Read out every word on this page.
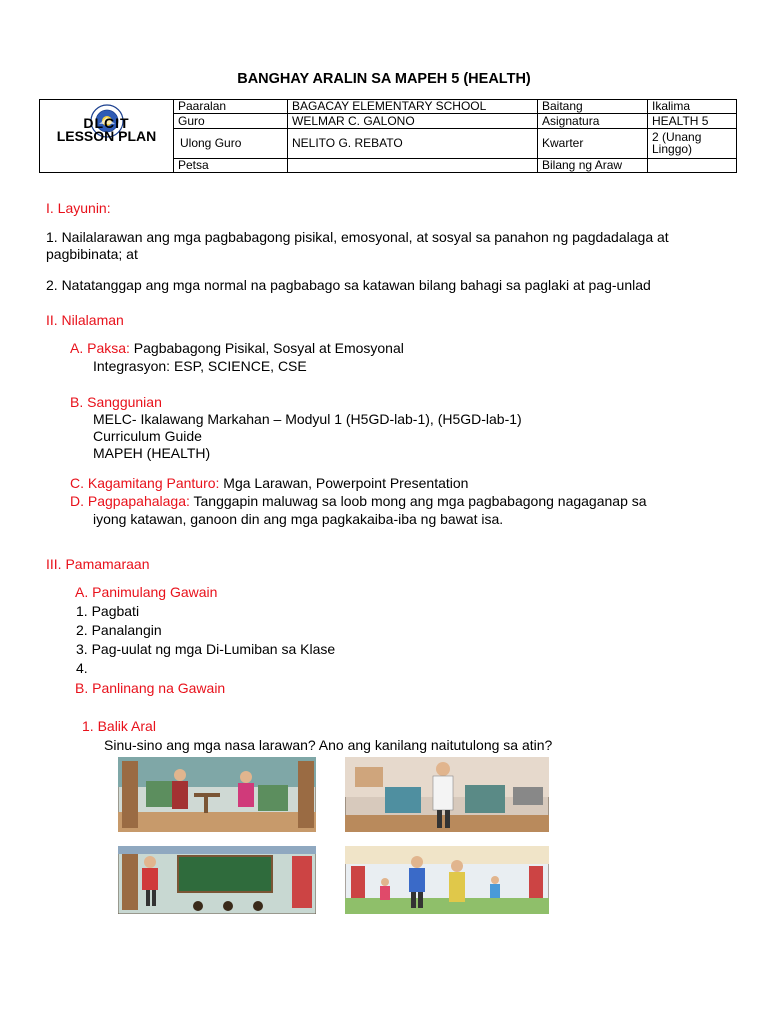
BANGHAY ARALIN SA MAPEH 5 (HEALTH)
DLCIT
LESSON PLAN	Paaralan	BAGACAY ELEMENTARY SCHOOL	Baitang	Ikalima
	Guro	WELMAR C. GALONO	Asignatura	HEALTH 5
	Ulong Guro	NELITO G. REBATO	Kwarter	2 (Unang Linggo)
	Petsa		Bilang ng Araw	
I. Layunin:
1. Nailalarawan ang mga pagbabagong pisikal, emosyonal, at sosyal sa panahon ng pagdadalaga at pagbibinata; at
2. Natatanggap ang mga normal na pagbabago sa katawan bilang bahagi sa paglaki at pag-unlad
II. Nilalaman
A. Paksa: Pagbabagong Pisikal, Sosyal at Emosyonal
Integrasyon: ESP, SCIENCE, CSE
B. Sanggunian
MELC- Ikalawang Markahan – Modyul 1 (H5GD-lab-1), (H5GD-lab-1)
Curriculum Guide
MAPEH (HEALTH)
C. Kagamitang Panturo: Mga Larawan, Powerpoint Presentation
D. Pagpapahalaga: Tanggapin maluwag sa loob mong ang mga pagbabagong nagaganap sa
iyong katawan, ganoon din ang mga pagkakaiba-iba ng bawat isa.
III. Pamamaraan
A. Panimulang Gawain
1. Pagbati
2. Panalangin
3. Pag-uulat ng mga Di-Lumiban sa Klase
4.
B. Panlinang na Gawain
1. Balik Aral
Sinu-sino ang mga nasa larawan? Ano ang kanilang naitutulong sa atin?
